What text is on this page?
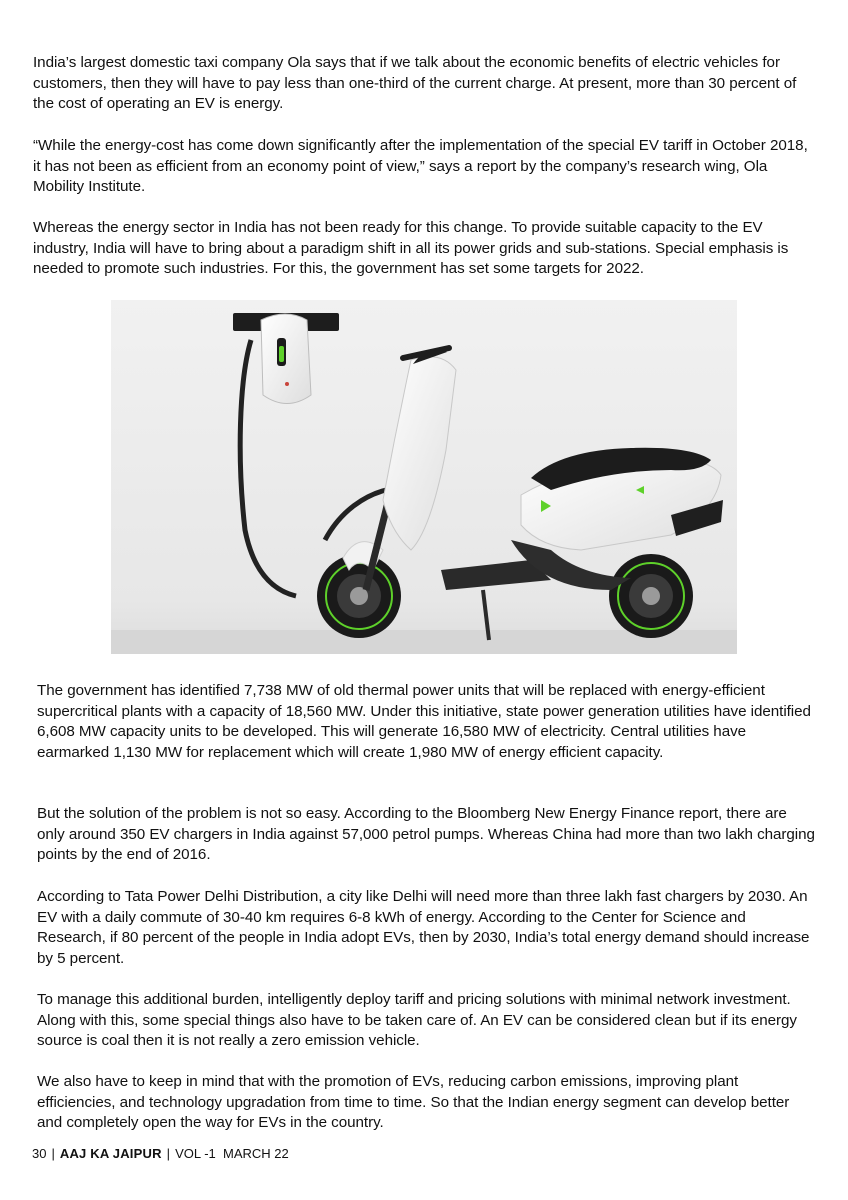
India’s largest domestic taxi company Ola says that if we talk about the economic benefits of electric vehicles for customers, then they will have to pay less than one-third of the current charge. At present, more than 30 percent of the cost of operating an EV is energy.

“While the energy-cost has come down significantly after the implementation of the special EV tariff in October 2018, it has not been as efficient from an economy point of view,” says a report by the company’s research wing, Ola Mobility Institute.

Whereas the energy sector in India has not been ready for this change. To provide suitable capacity to the EV industry, India will have to bring about a paradigm shift in all its power grids and sub-stations. Special emphasis is needed to promote such industries. For this, the government has set some targets for 2022.

The government has identified 7,738 MW of old thermal power units that will be replaced with energy-efficient supercritical plants with a capacity of 18,560 MW. Under this initiative, state power generation utilities have identified 6,608 MW capacity units to be developed. This will generate 16,580 MW of electricity. Central utilities have earmarked 1,130 MW for replacement which will create 1,980 MW of energy efficient capacity.

But the solution of the problem is not so easy. According to the Bloomberg New Energy Finance report, there are only around 350 EV chargers in India against 57,000 petrol pumps. Whereas China had more than two lakh charging points by the end of 2016.

According to Tata Power Delhi Distribution, a city like Delhi will need more than three lakh fast chargers by 2030. An EV with a daily commute of 30-40 km requires 6-8 kWh of energy. According to the Center for Science and Research, if 80 percent of the people in India adopt EVs, then by 2030, India’s total energy demand should increase by 5 percent.

To manage this additional burden, intelligently deploy tariff and pricing solutions with minimal network investment. Along with this, some special things also have to be taken care of. An EV can be considered clean but if its energy source is coal then it is not really a zero emission vehicle.

We also have to keep in mind that with the promotion of EVs, reducing carbon emissions, improving plant efficiencies, and technology upgradation from time to time. So that the Indian energy segment can develop better and completely open the way for EVs in the country.

30 | AAJ KA JAIPUR | VOL -1  MARCH 22
